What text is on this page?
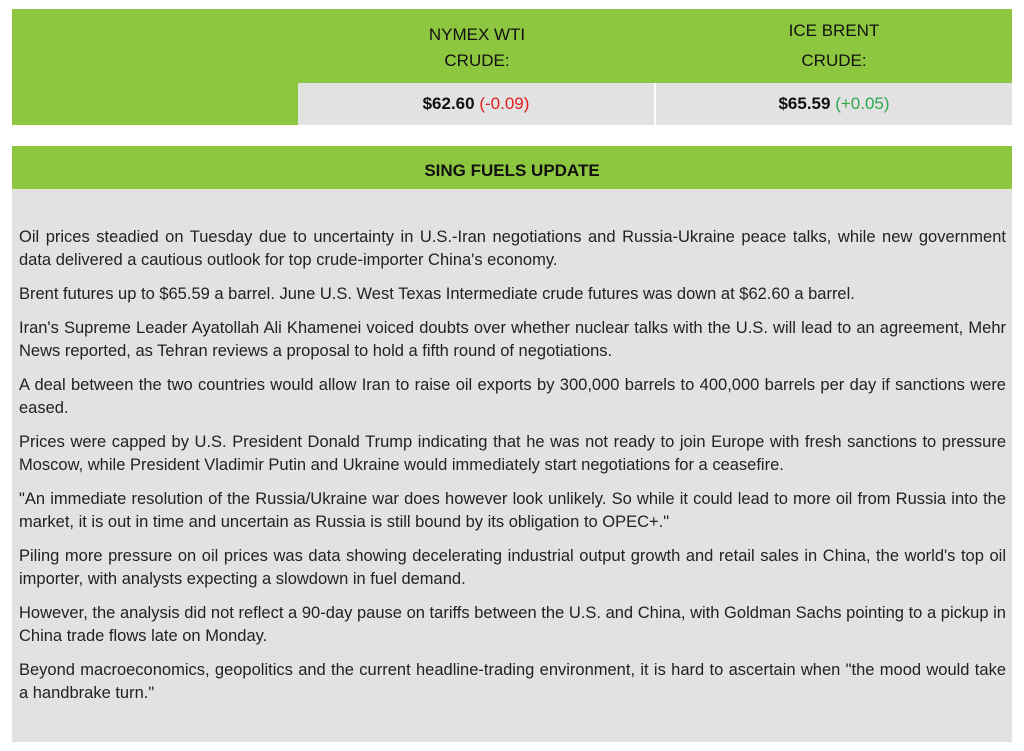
NYMEX WTI
CRUDE:
ICE BRENT
CRUDE:
$62.60 (-0.09)	$65.59 (+0.05)
SING FUELS UPDATE

Oil prices steadied on Tuesday due to uncertainty in U.S.-Iran negotiations and Russia-Ukraine peace talks, while new government data delivered a cautious outlook for top crude-importer China's economy.

Brent futures up to $65.59 a barrel. June U.S. West Texas Intermediate crude futures was down at $62.60 a barrel.

Iran's Supreme Leader Ayatollah Ali Khamenei voiced doubts over whether nuclear talks with the U.S. will lead to an agreement, Mehr News reported, as Tehran reviews a proposal to hold a fifth round of negotiations.

A deal between the two countries would allow Iran to raise oil exports by 300,000 barrels to 400,000 barrels per day if sanctions were eased.

Prices were capped by U.S. President Donald Trump indicating that he was not ready to join Europe with fresh sanctions to pressure Moscow, while President Vladimir Putin and Ukraine would immediately start negotiations for a ceasefire.

"An immediate resolution of the Russia/Ukraine war does however look unlikely. So while it could lead to more oil from Russia into the market, it is out in time and uncertain as Russia is still bound by its obligation to OPEC+."

Piling more pressure on oil prices was data showing decelerating industrial output growth and retail sales in China, the world's top oil importer, with analysts expecting a slowdown in fuel demand.

However, the analysis did not reflect a 90-day pause on tariffs between the U.S. and China, with Goldman Sachs pointing to a pickup in China trade flows late on Monday.

Beyond macroeconomics, geopolitics and the current headline-trading environment, it is hard to ascertain when "the mood would take a handbrake turn."
